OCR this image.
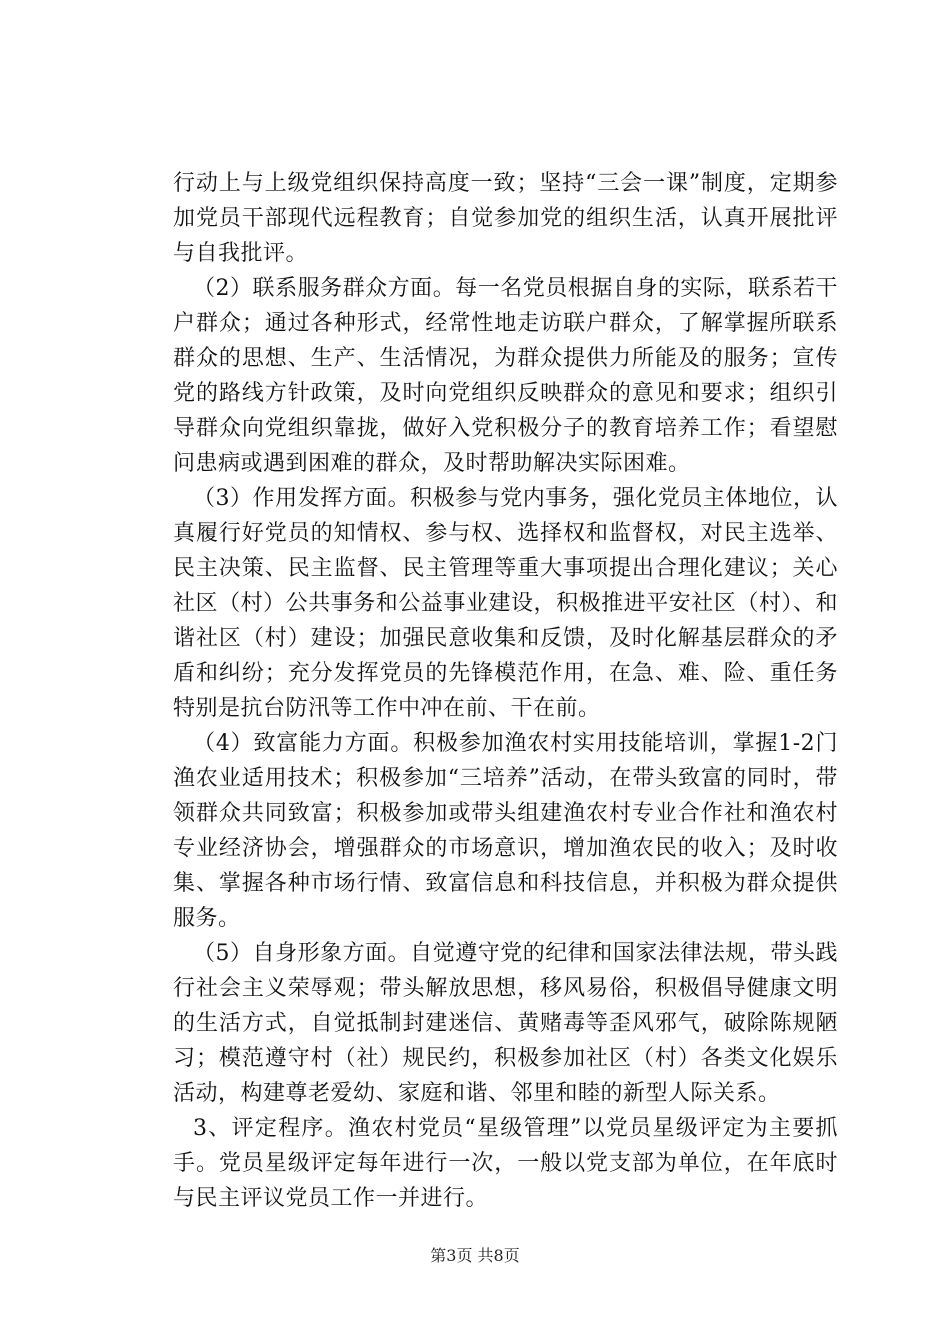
行动上与上级党组织保持高度一致；坚持“三会一课”制度，定期参加党员干部现代远程教育；自觉参加党的组织生活，认真开展批评与自我批评。

（2）联系服务群众方面。每一名党员根据自身的实际，联系若干户群众；通过各种形式，经常性地走访联户群众，了解掌握所联系群众的思想、生产、生活情况，为群众提供力所能及的服务；宣传党的路线方针政策，及时向党组织反映群众的意见和要求；组织引导群众向党组织靠拢，做好入党积极分子的教育培养工作；看望慰问患病或遇到困难的群众，及时帮助解决实际困难。

（3）作用发挥方面。积极参与党内事务，强化党员主体地位，认真履行好党员的知情权、参与权、选择权和监督权，对民主选举、民主决策、民主监督、民主管理等重大事项提出合理化建议；关心社区（村）公共事务和公益事业建设，积极推进平安社区（村）、和谐社区（村）建设；加强民意收集和反馈，及时化解基层群众的矛盾和纠纷；充分发挥党员的先锋模范作用，在急、难、险、重任务特别是抗台防汛等工作中冲在前、干在前。

（4）致富能力方面。积极参加渔农村实用技能培训，掌握1-2门渔农业适用技术；积极参加“三培养”活动，在带头致富的同时，带领群众共同致富；积极参加或带头组建渔农村专业合作社和渔农村专业经济协会，增强群众的市场意识，增加渔农民的收入；及时收集、掌握各种市场行情、致富信息和科技信息，并积极为群众提供服务。

（5）自身形象方面。自觉遵守党的纪律和国家法律法规，带头践行社会主义荣辱观；带头解放思想，移风易俗，积极倡导健康文明的生活方式，自觉抵制封建迷信、黄赌毒等歪风邪气，破除陈规陋习；模范遵守村（社）规民约，积极参加社区（村）各类文化娱乐活动，构建尊老爱幼、家庭和谐、邻里和睦的新型人际关系。

3、评定程序。渔农村党员“星级管理”以党员星级评定为主要抓手。党员星级评定每年进行一次，一般以党支部为单位，在年底时与民主评议党员工作一并进行。

第3页 共8页
